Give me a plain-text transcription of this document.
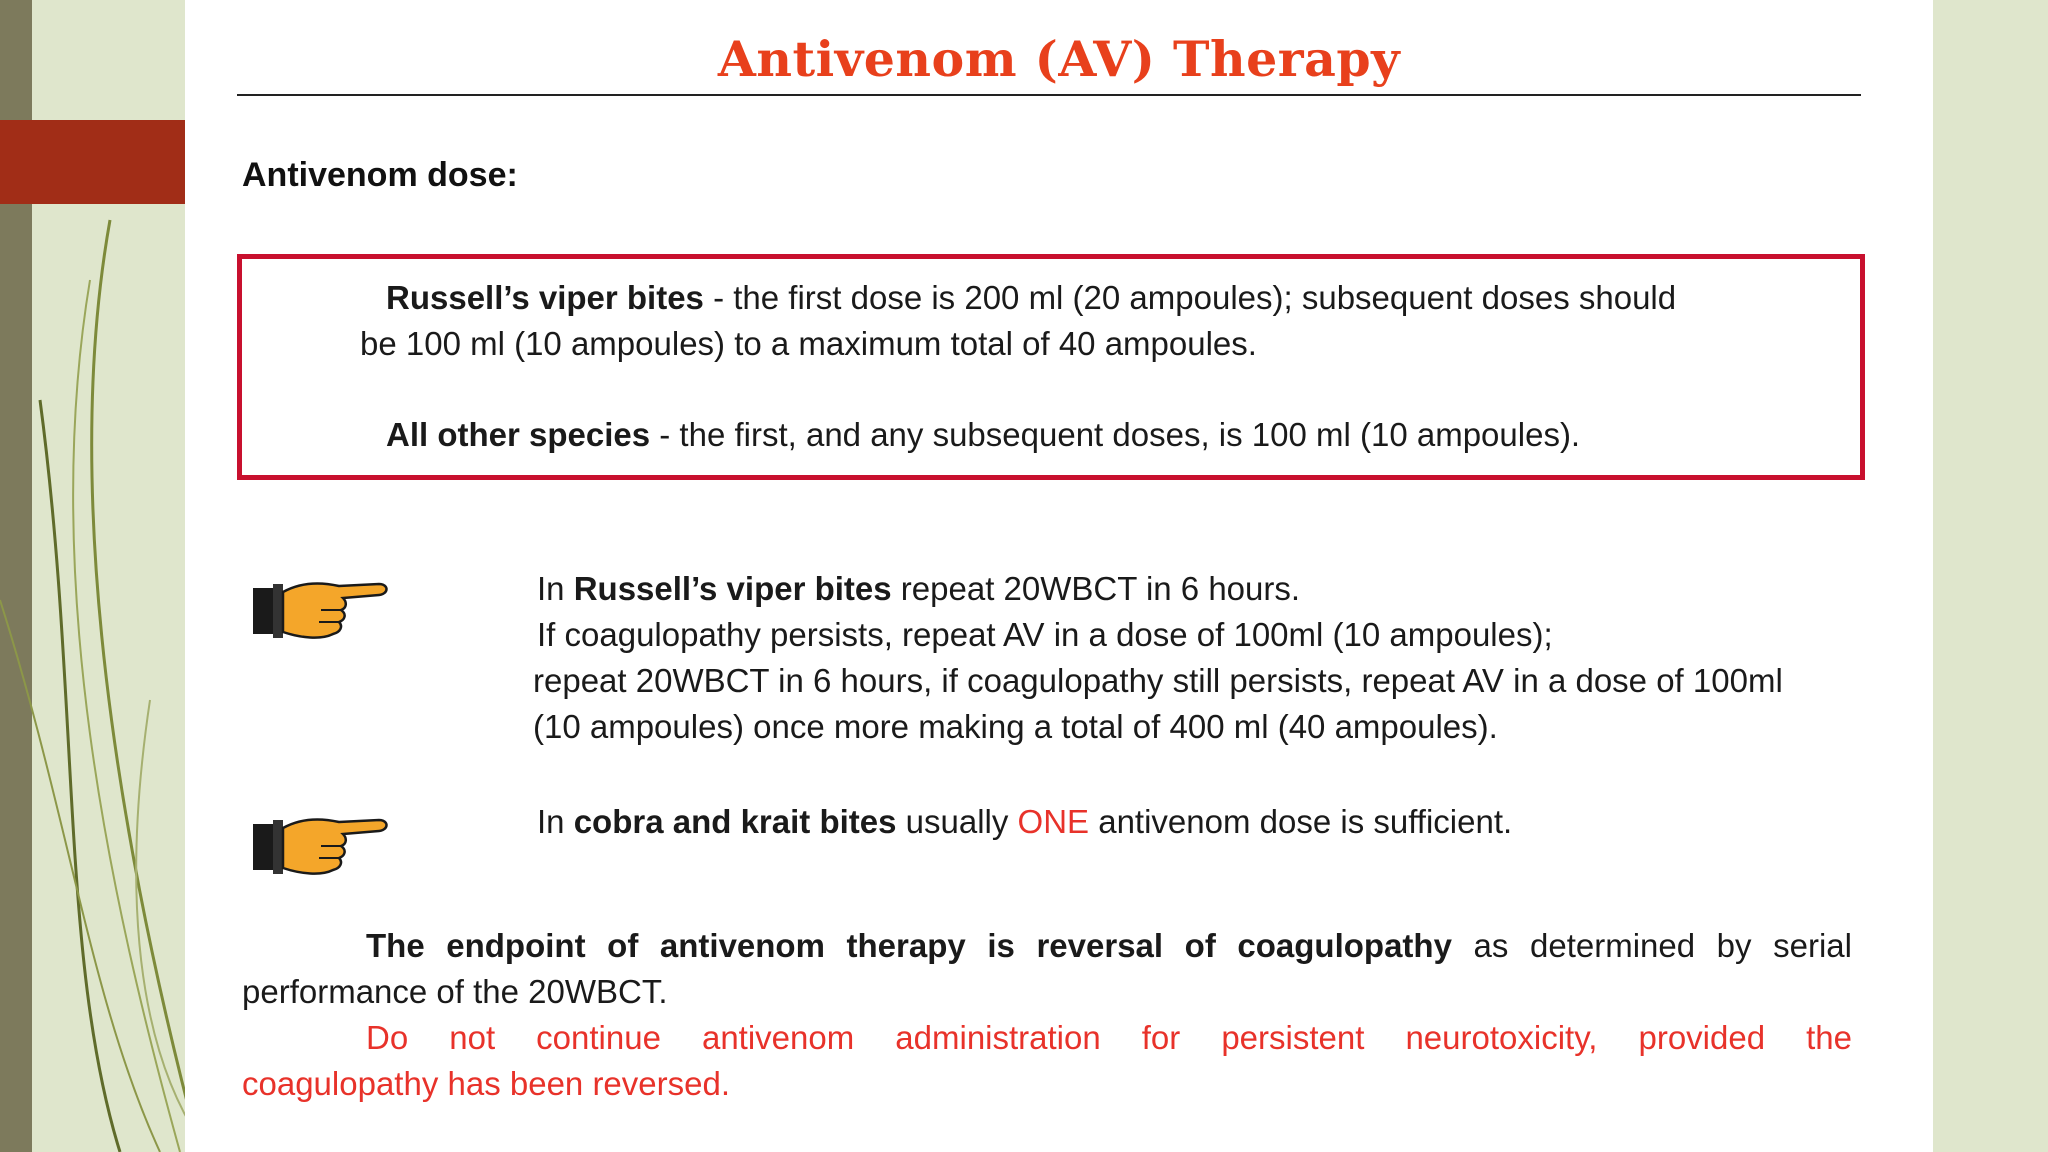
Antivenom (AV) Therapy
Antivenom dose:
Russell’s viper bites - the first dose is 200 ml (20 ampoules); subsequent doses should
be 100 ml (10 ampoules) to a maximum total of 40 ampoules.
All other species - the first, and any subsequent doses, is 100 ml (10 ampoules).
In Russell’s viper bites repeat 20WBCT in 6 hours.
If coagulopathy persists, repeat AV in a dose of 100ml (10 ampoules);
repeat 20WBCT in 6 hours, if coagulopathy still persists, repeat AV in a dose of 100ml
(10 ampoules) once more making a total of 400 ml (40 ampoules).
In cobra and krait bites usually ONE antivenom dose is sufficient.
The endpoint of antivenom therapy is reversal of coagulopathy as determined by serial
performance of the 20WBCT.
Do not continue antivenom administration for persistent neurotoxicity, provided the
coagulopathy has been reversed.
